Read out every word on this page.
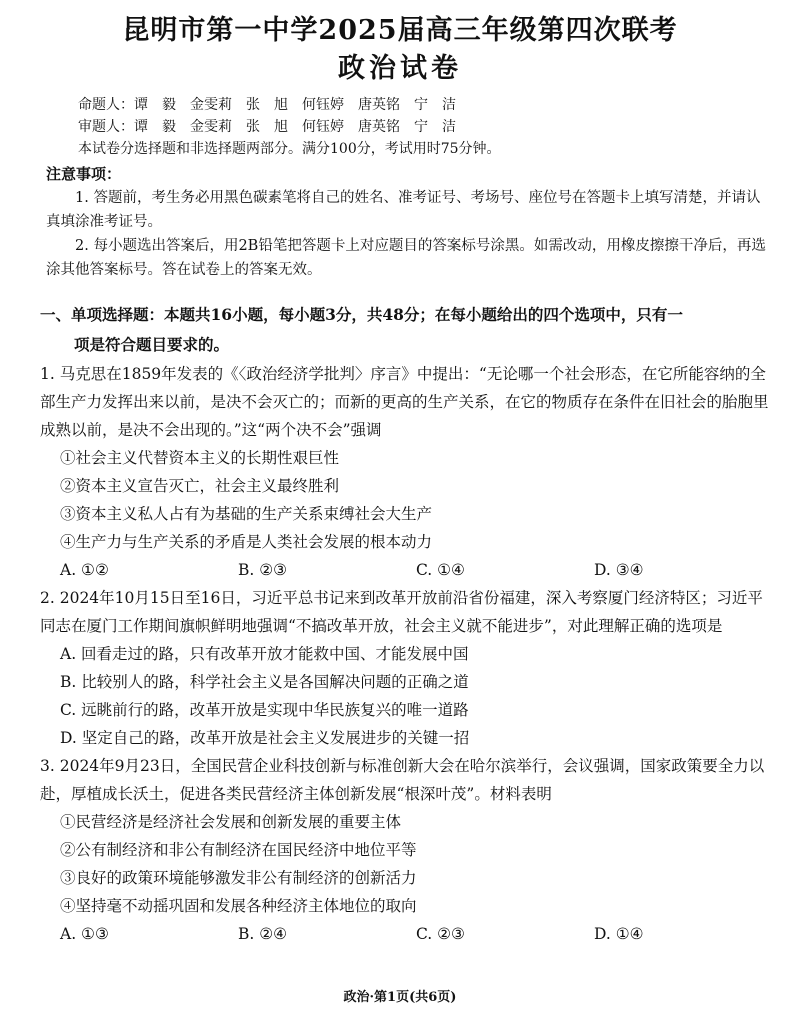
昆明市第一中学2025届高三年级第四次联考
政治试卷
命题人：谭　毅　金雯莉　张　旭　何钰婷　唐英铭　宁　洁
审题人：谭　毅　金雯莉　张　旭　何钰婷　唐英铭　宁　洁
本试卷分选择题和非选择题两部分。满分100分，考试用时75分钟。
注意事项：
1. 答题前，考生务必用黑色碳素笔将自己的姓名、准考证号、考场号、座位号在答题卡上填写清楚，并请认真填涂准考证号。
2. 每小题选出答案后，用2B铅笔把答题卡上对应题目的答案标号涂黑。如需改动，用橡皮擦擦干净后，再选涂其他答案标号。答在试卷上的答案无效。
一、单项选择题：本题共16小题，每小题3分，共48分；在每小题给出的四个选项中，只有一
项是符合题目要求的。
1. 马克思在1859年发表的《〈政治经济学批判〉序言》中提出：“无论哪一个社会形态，在它所能容纳的全部生产力发挥出来以前，是决不会灭亡的；而新的更高的生产关系，在它的物质存在条件在旧社会的胎胞里成熟以前，是决不会出现的。”这“两个决不会”强调
①社会主义代替资本主义的长期性艰巨性
②资本主义宣告灭亡，社会主义最终胜利
③资本主义私人占有为基础的生产关系束缚社会大生产
④生产力与生产关系的矛盾是人类社会发展的根本动力
A. ①②	B. ②③	C. ①④	D. ③④
2. 2024年10月15日至16日，习近平总书记来到改革开放前沿省份福建，深入考察厦门经济特区；习近平同志在厦门工作期间旗帜鲜明地强调“不搞改革开放，社会主义就不能进步”，对此理解正确的选项是
A. 回看走过的路，只有改革开放才能救中国、才能发展中国
B. 比较别人的路，科学社会主义是各国解决问题的正确之道
C. 远眺前行的路，改革开放是实现中华民族复兴的唯一道路
D. 坚定自己的路，改革开放是社会主义发展进步的关键一招
3. 2024年9月23日，全国民营企业科技创新与标准创新大会在哈尔滨举行，会议强调，国家政策要全力以赴，厚植成长沃土，促进各类民营经济主体创新发展“根深叶茂”。材料表明
①民营经济是经济社会发展和创新发展的重要主体
②公有制经济和非公有制经济在国民经济中地位平等
③良好的政策环境能够激发非公有制经济的创新活力
④坚持毫不动摇巩固和发展各种经济主体地位的取向
A. ①③	B. ②④	C. ②③	D. ①④
政治·第1页(共6页)
